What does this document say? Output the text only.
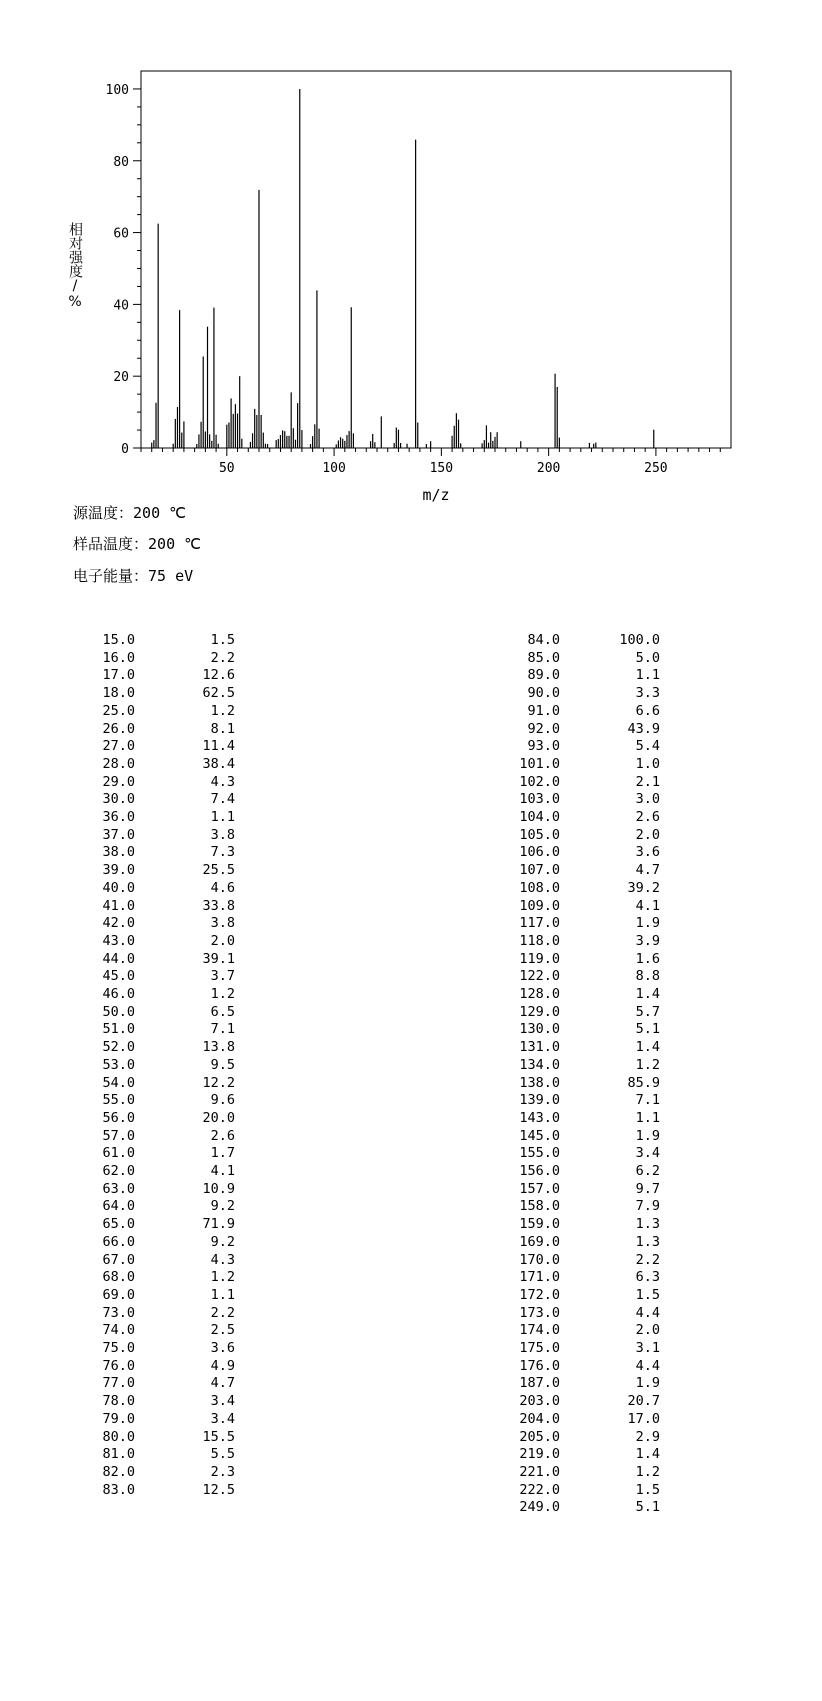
0
20
40
60
80
100
50	100	150	200	250
m/z
相对强度/%
源温度：200 ℃
样品温度：200 ℃
电子能量：75 eV
15.0	1.5
16.0	2.2
17.0	12.6
18.0	62.5
25.0	1.2
26.0	8.1
27.0	11.4
28.0	38.4
29.0	4.3
30.0	7.4
36.0	1.1
37.0	3.8
38.0	7.3
39.0	25.5
40.0	4.6
41.0	33.8
42.0	3.8
43.0	2.0
44.0	39.1
45.0	3.7
46.0	1.2
50.0	6.5
51.0	7.1
52.0	13.8
53.0	9.5
54.0	12.2
55.0	9.6
56.0	20.0
57.0	2.6
61.0	1.7
62.0	4.1
63.0	10.9
64.0	9.2
65.0	71.9
66.0	9.2
67.0	4.3
68.0	1.2
69.0	1.1
73.0	2.2
74.0	2.5
75.0	3.6
76.0	4.9
77.0	4.7
78.0	3.4
79.0	3.4
80.0	15.5
81.0	5.5
82.0	2.3
83.0	12.5
84.0	100.0
85.0	5.0
89.0	1.1
90.0	3.3
91.0	6.6
92.0	43.9
93.0	5.4
101.0	1.0
102.0	2.1
103.0	3.0
104.0	2.6
105.0	2.0
106.0	3.6
107.0	4.7
108.0	39.2
109.0	4.1
117.0	1.9
118.0	3.9
119.0	1.6
122.0	8.8
128.0	1.4
129.0	5.7
130.0	5.1
131.0	1.4
134.0	1.2
138.0	85.9
139.0	7.1
143.0	1.1
145.0	1.9
155.0	3.4
156.0	6.2
157.0	9.7
158.0	7.9
159.0	1.3
169.0	1.3
170.0	2.2
171.0	6.3
172.0	1.5
173.0	4.4
174.0	2.0
175.0	3.1
176.0	4.4
187.0	1.9
203.0	20.7
204.0	17.0
205.0	2.9
219.0	1.4
221.0	1.2
222.0	1.5
249.0	5.1
